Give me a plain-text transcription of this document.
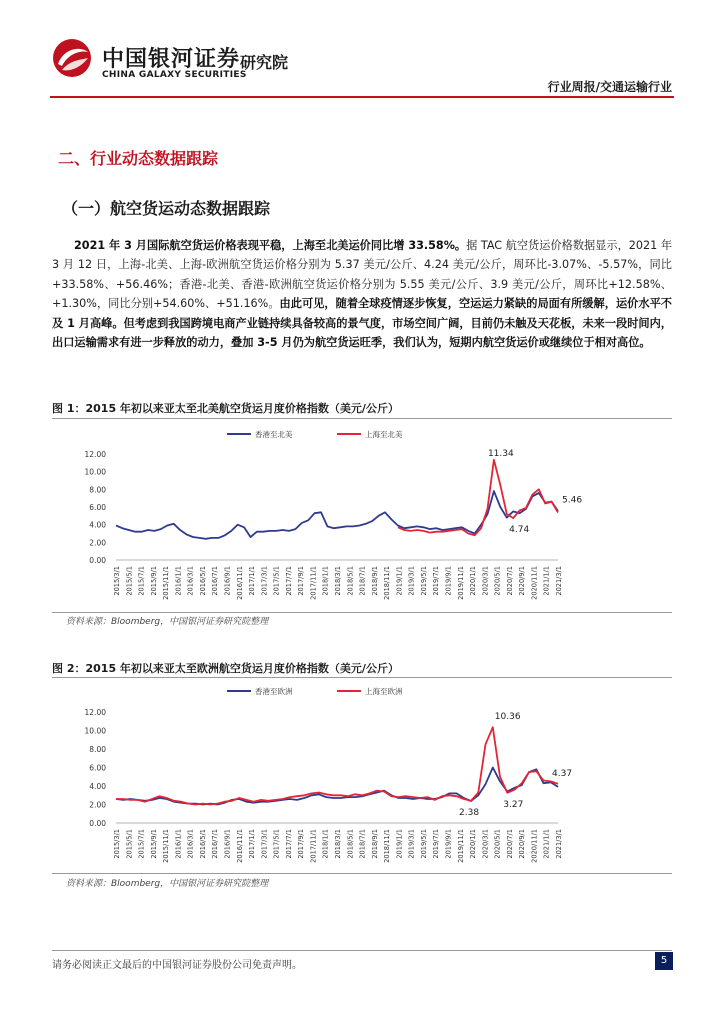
中国银河证券 研究院
CHINA GALAXY SECURITIES
行业周报/交通运输行业
二、行业动态数据跟踪
（一）航空货运动态数据跟踪
2021 年 3 月国际航空货运价格表现平稳，上海至北美运价同比增 33.58%。据 TAC 航空货运价格数据显示，2021 年 3 月 12 日，上海-北美、上海-欧洲航空货运价格分别为 5.37 美元/公斤、4.24 美元/公斤，周环比-3.07%、-5.57%，同比+33.58%、+56.46%；香港-北美、香港-欧洲航空货运价格分别为 5.55 美元/公斤、3.9 美元/公斤，周环比+12.58%、+1.30%，同比分别+54.60%、+51.16%。由此可见，随着全球疫情逐步恢复，空运运力紧缺的局面有所缓解，运价水平不及 1 月高峰。但考虑到我国跨境电商产业链持续具备较高的景气度，市场空间广阔，目前仍未触及天花板，未来一段时间内，出口运输需求有进一步释放的动力，叠加 3-5 月仍为航空货运旺季，我们认为，短期内航空货运价或继续位于相对高位。
图 1：2015 年初以来亚太至北美航空货运月度价格指数（美元/公斤）
香港至北美	上海至北美
0.00
2.00
4.00
6.00
8.00
10.00
12.00
2015/3/1 2015/5/1 2015/7/1 2015/9/1 2015/11/1 2016/1/1 2016/3/1 2016/5/1 2016/7/1 2016/9/1 2016/11/1 2017/1/1 2017/3/1 2017/5/1 2017/7/1 2017/9/1 2017/11/1 2018/1/1 2018/3/1 2018/5/1 2018/7/1 2018/9/1 2018/11/1 2019/1/1 2019/3/1 2019/5/1 2019/7/1 2019/9/1 2019/11/1 2020/1/1 2020/3/1 2020/5/1 2020/7/1 2020/9/1 2020/11/1 2021/1/1 2021/3/1
11.34
5.46
4.74
资料来源：Bloomberg，中国银河证券研究院整理
图 2：2015 年初以来亚太至欧洲航空货运月度价格指数（美元/公斤）
香港至欧洲	上海至欧洲
0.00
2.00
4.00
6.00
8.00
10.00
12.00
2015/3/1 2015/5/1 2015/7/1 2015/9/1 2015/11/1 2016/1/1 2016/3/1 2016/5/1 2016/7/1 2016/9/1 2016/11/1 2017/1/1 2017/3/1 2017/5/1 2017/7/1 2017/9/1 2017/11/1 2018/1/1 2018/3/1 2018/5/1 2018/7/1 2018/9/1 2018/11/1 2019/1/1 2019/3/1 2019/5/1 2019/7/1 2019/9/1 2019/11/1 2020/1/1 2020/3/1 2020/5/1 2020/7/1 2020/9/1 2020/11/1 2021/1/1 2021/3/1
10.36
4.37
2.38
3.27
资料来源：Bloomberg，中国银河证券研究院整理
请务必阅读正文最后的中国银河证券股份公司免责声明。	5
